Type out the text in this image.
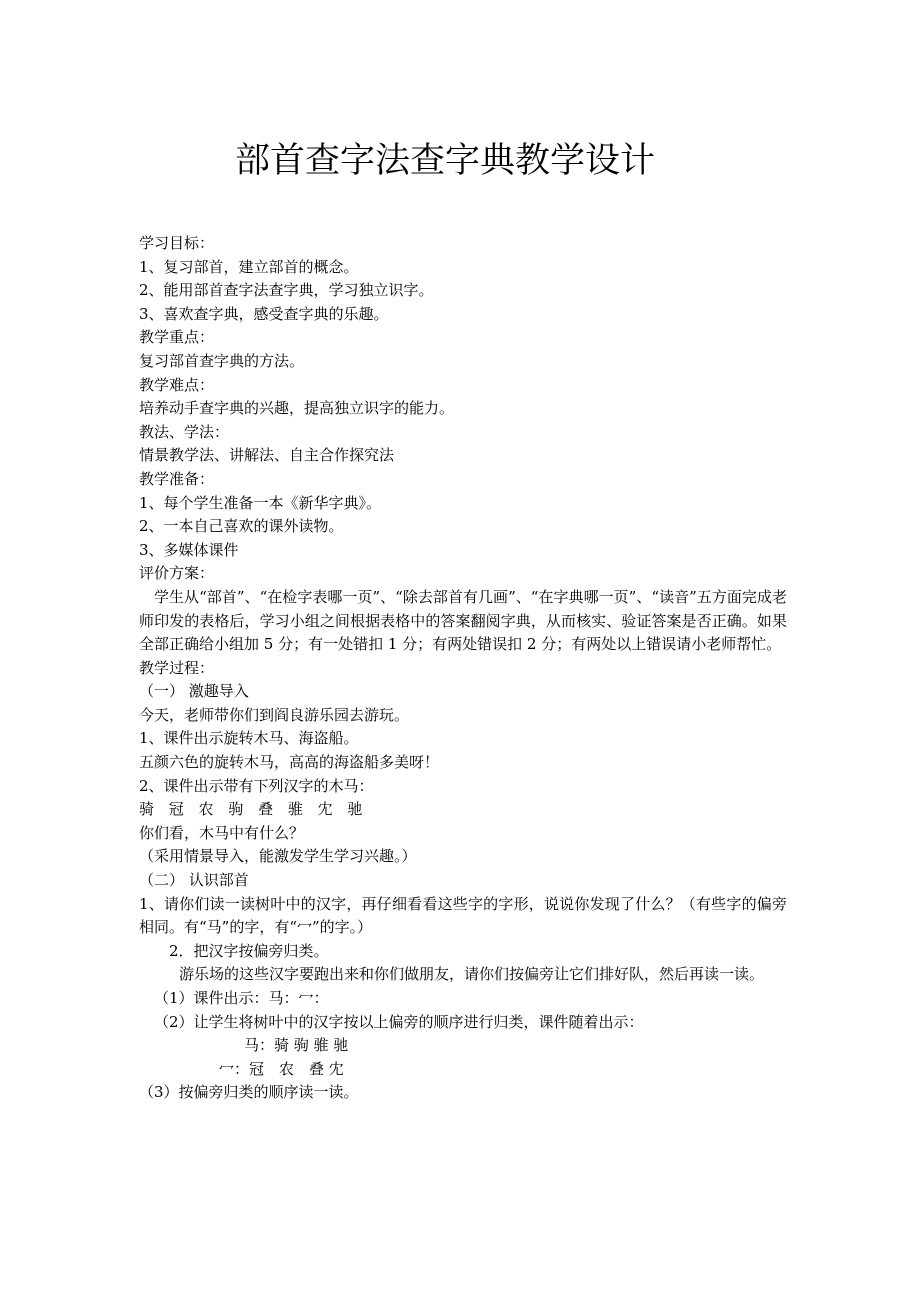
部首查字法查字典教学设计
学习目标：
1、复习部首，建立部首的概念。
2、能用部首查字法查字典，学习独立识字。
3、喜欢查字典，感受查字典的乐趣。
教学重点：
复习部首查字典的方法。
教学难点：
培养动手查字典的兴趣，提高独立识字的能力。
教法、学法：
情景教学法、讲解法、自主合作探究法
教学准备：
1、每个学生准备一本《新华字典》。
2、一本自己喜欢的课外读物。
3、多媒体课件
评价方案：
学生从“部首”、“在检字表哪一页”、“除去部首有几画”、“在字典哪一页”、“读音”五方面完成老师印发的表格后，学习小组之间根据表格中的答案翻阅字典，从而核实、验证答案是否正确。如果全部正确给小组加 5 分；有一处错扣 1 分；有两处错误扣 2 分；有两处以上错误请小老师帮忙。
教学过程：
（一） 激趣导入
今天，老师带你们到阎良游乐园去游玩。
1、课件出示旋转木马、海盗船。
五颜六色的旋转木马，高高的海盗船多美呀！
2、课件出示带有下列汉字的木马：
骑 冠 农 驹 叠 骓 冘 驰
你们看，木马中有什么？
（采用情景导入，能激发学生学习兴趣。）
（二） 认识部首
1、请你们读一读树叶中的汉字，再仔细看看这些字的字形，说说你发现了什么？（有些字的偏旁相同。有“马”的字，有“冖”的字。）
2．把汉字按偏旁归类。
游乐场的这些汉字要跑出来和你们做朋友，请你们按偏旁让它们排好队，然后再读一读。
（1）课件出示：马：冖：
（2）让学生将树叶中的汉字按以上偏旁的顺序进行归类，课件随着出示：
马：骑 驹 骓 驰
冖：冠　农　叠 冘
（3）按偏旁归类的顺序读一读。
